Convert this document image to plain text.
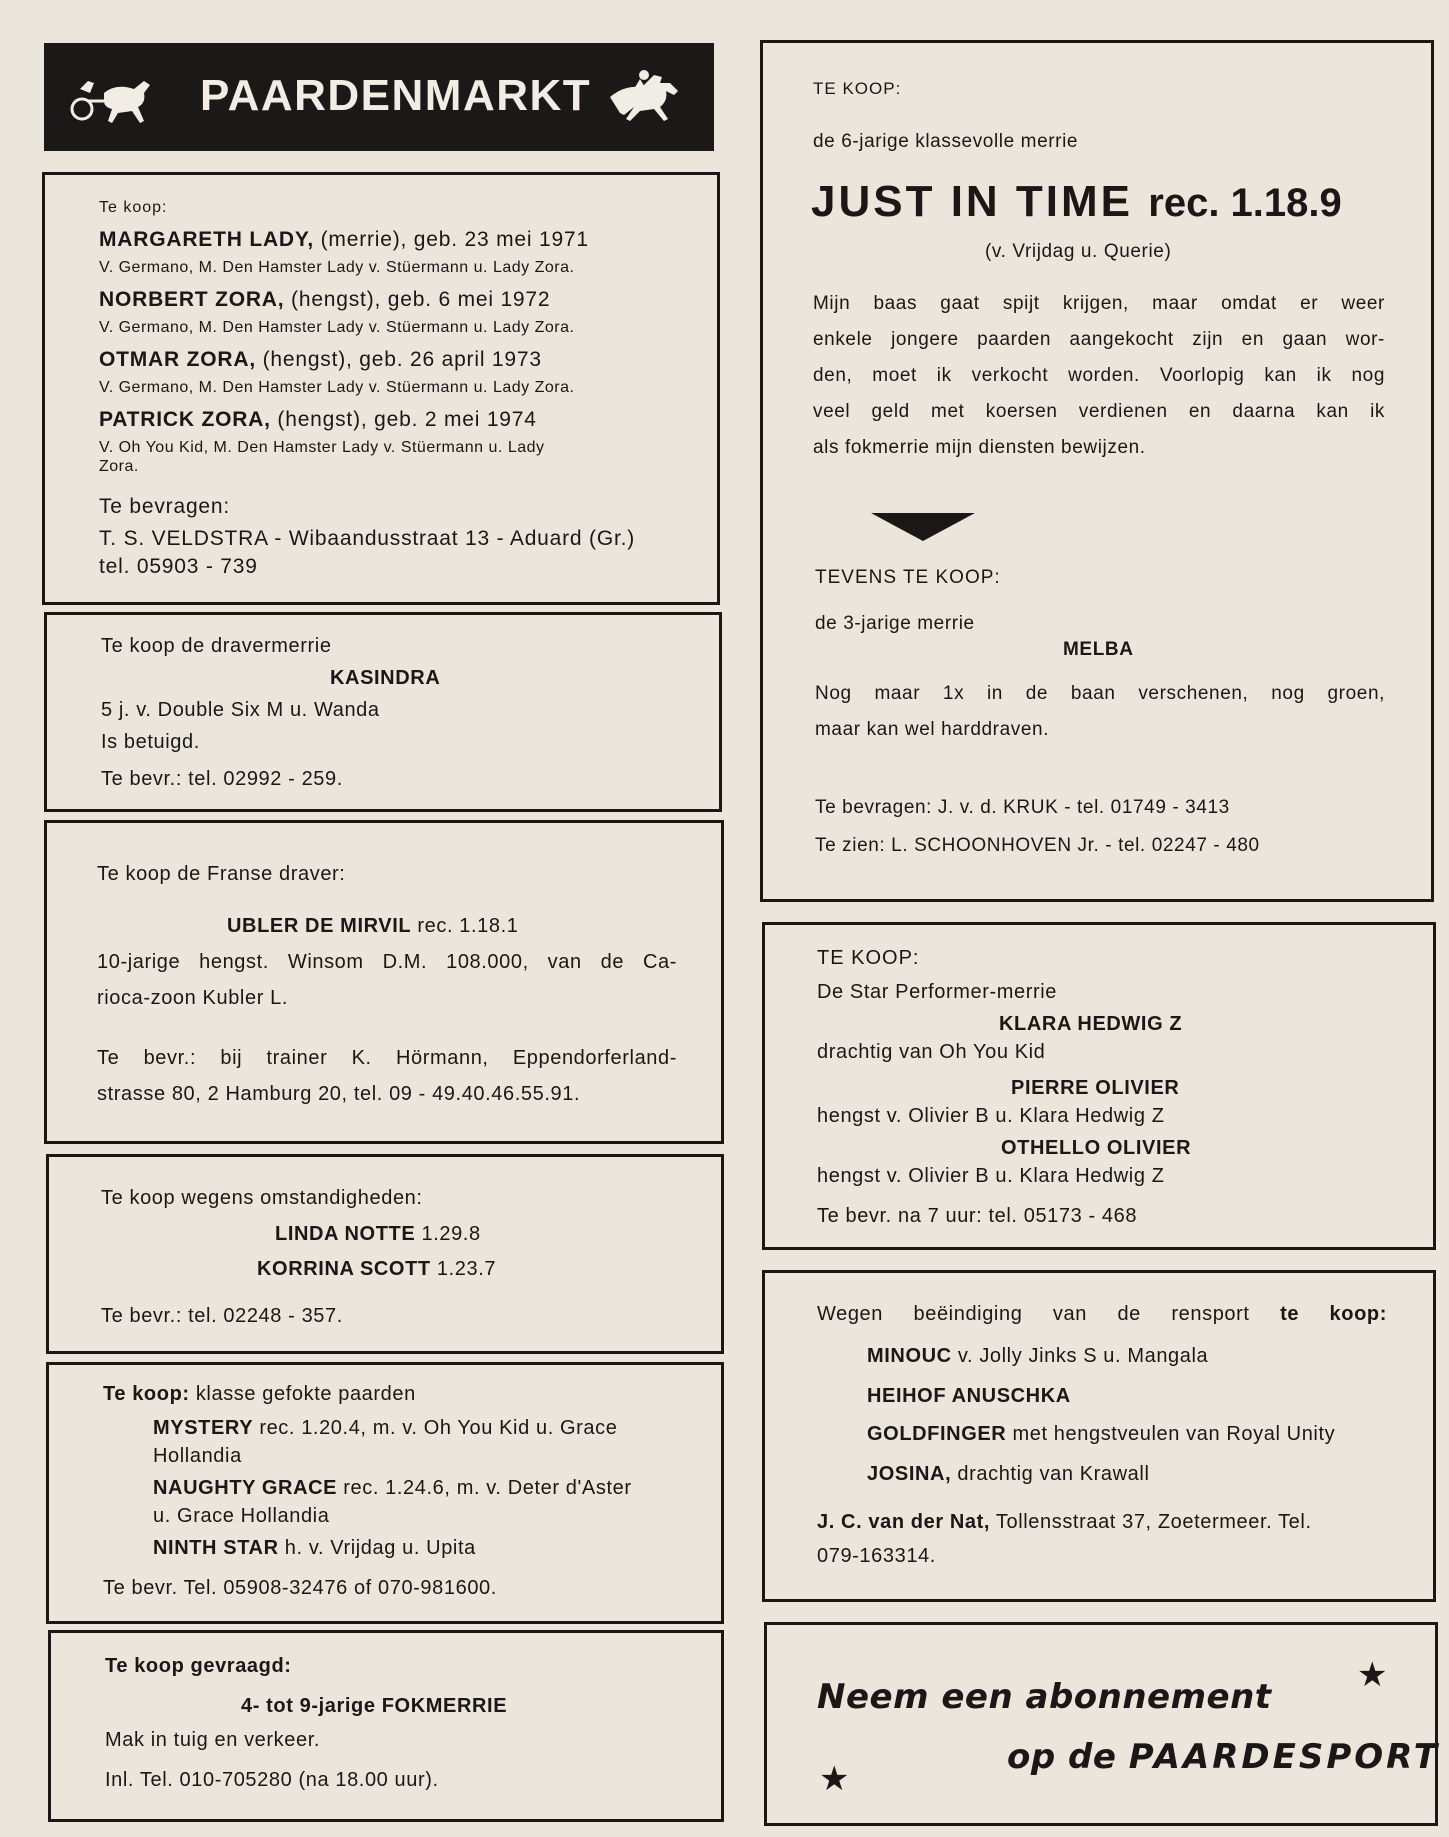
PAARDENMARKT
Te koop:
MARGARETH LADY, (merrie), geb. 23 mei 1971
V. Germano, M. Den Hamster Lady v. Stüermann u. Lady Zora.
NORBERT ZORA, (hengst), geb. 6 mei 1972
V. Germano, M. Den Hamster Lady v. Stüermann u. Lady Zora.
OTMAR ZORA, (hengst), geb. 26 april 1973
V. Germano, M. Den Hamster Lady v. Stüermann u. Lady Zora.
PATRICK ZORA, (hengst), geb. 2 mei 1974
V. Oh You Kid, M. Den Hamster Lady v. Stüermann u. Lady
Zora.
Te bevragen:
T. S. VELDSTRA - Wibaandusstraat 13 - Aduard (Gr.)
tel. 05903 - 739
Te koop de dravermerrie
KASINDRA
5 j. v. Double Six M u. Wanda
Is betuigd.
Te bevr.: tel. 02992 - 259.
Te koop de Franse draver:
UBLER DE MIRVIL rec. 1.18.1
10-jarige hengst. Winsom D.M. 108.000, van de Ca-
rioca-zoon Kubler L.
Te bevr.: bij trainer K. Hörmann, Eppendorferland-
strasse 80, 2 Hamburg 20, tel. 09 - 49.40.46.55.91.
Te koop wegens omstandigheden:
LINDA NOTTE 1.29.8
KORRINA SCOTT 1.23.7
Te bevr.: tel. 02248 - 357.
Te koop: klasse gefokte paarden
MYSTERY rec. 1.20.4, m. v. Oh You Kid u. Grace
Hollandia
NAUGHTY GRACE rec. 1.24.6, m. v. Deter d'Aster
u. Grace Hollandia
NINTH STAR h. v. Vrijdag u. Upita
Te bevr. Tel. 05908-32476 of 070-981600.
Te koop gevraagd:
4- tot 9-jarige FOKMERRIE
Mak in tuig en verkeer.
Inl. Tel. 010-705280 (na 18.00 uur).
TE KOOP:
de 6-jarige klassevolle merrie
JUST IN TIME rec. 1.18.9
(v. Vrijdag u. Querie)
Mijn baas gaat spijt krijgen, maar omdat er weer
enkele jongere paarden aangekocht zijn en gaan wor-
den, moet ik verkocht worden. Voorlopig kan ik nog
veel geld met koersen verdienen en daarna kan ik
als fokmerrie mijn diensten bewijzen.
TEVENS TE KOOP:
de 3-jarige merrie
MELBA
Nog maar 1x in de baan verschenen, nog groen,
maar kan wel harddraven.
Te bevragen: J. v. d. KRUK - tel. 01749 - 3413
Te zien: L. SCHOONHOVEN Jr. - tel. 02247 - 480
TE KOOP:
De Star Performer-merrie
KLARA HEDWIG Z
drachtig van Oh You Kid
PIERRE OLIVIER
hengst v. Olivier B u. Klara Hedwig Z
OTHELLO OLIVIER
hengst v. Olivier B u. Klara Hedwig Z
Te bevr. na 7 uur: tel. 05173 - 468
Wegen beëindiging van de rensport te koop:
MINOUC v. Jolly Jinks S u. Mangala
HEIHOF ANUSCHKA
GOLDFINGER met hengstveulen van Royal Unity
JOSINA, drachtig van Krawall
J. C. van der Nat, Tollensstraat 37, Zoetermeer. Tel.
079-163314.
Neem een abonnement
op de PAARDESPORT
★
★
